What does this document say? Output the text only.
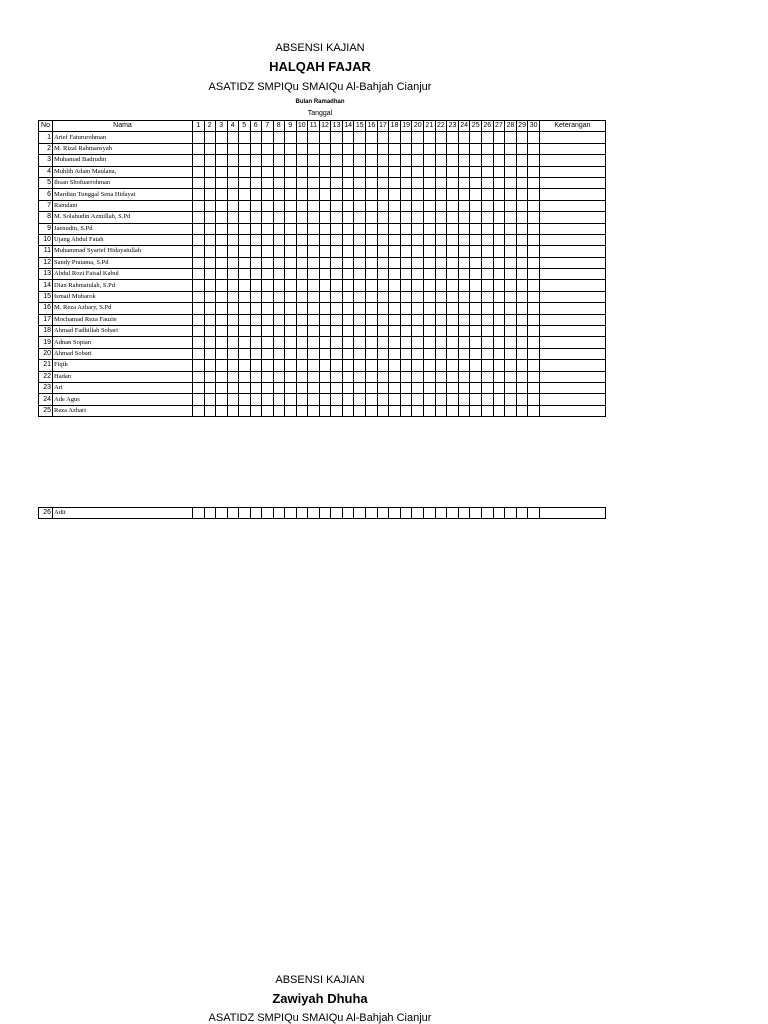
ABSENSI KAJIAN
HALQAH FAJAR
ASATIDZ SMPIQu SMAIQu Al-Bahjah Cianjur
Bulan Ramadhan
Tanggal
No	Nama	1	2	3	4	5	6	7	8	9	10	11	12	13	14	15	16	17	18	19	20	21	22	23	24	25	26	27	28	29	30	Keterangan
1	Arief Fatururohman																															
2	M. Rizal Rahmansyah																															
3	Muhamad Badrudin																															
4	Muhlih Adam Maulana,																															
5	Ihsan Shofuarrohman																															
6	Mardian Tunggal Sena Hidayat																															
7	Ramdani																															
8	M. Solahudin Azmillah, S.Pd																															
9	Jaenudin, S.Pd																															
10	Ujang Abdul Fatah																															
11	Muhammad Syarief Hidayatullah																															
12	Sandy Pratama, S.Pd																															
13	Abdul Rozi Faisal Kabul																															
14	Dian Rahmatulah, S.Pd																															
15	Ismail Mubarok																															
16	M. Reza Azhary, S.Pd																															
17	Mochamad Reza Fauzie																															
18	Ahmad Fadhillah Sobari																															
19	Adnan Sopian																															
20	Ahmad Sobari																															
21	Fiqih																															
22	Hadan																															
23	Ari																															
24	Ade Agus																															
25	Reza Azhari																															
26	Adit																															
ABSENSI KAJIAN
Zawiyah Dhuha
ASATIDZ SMPIQu SMAIQu Al-Bahjah Cianjur
